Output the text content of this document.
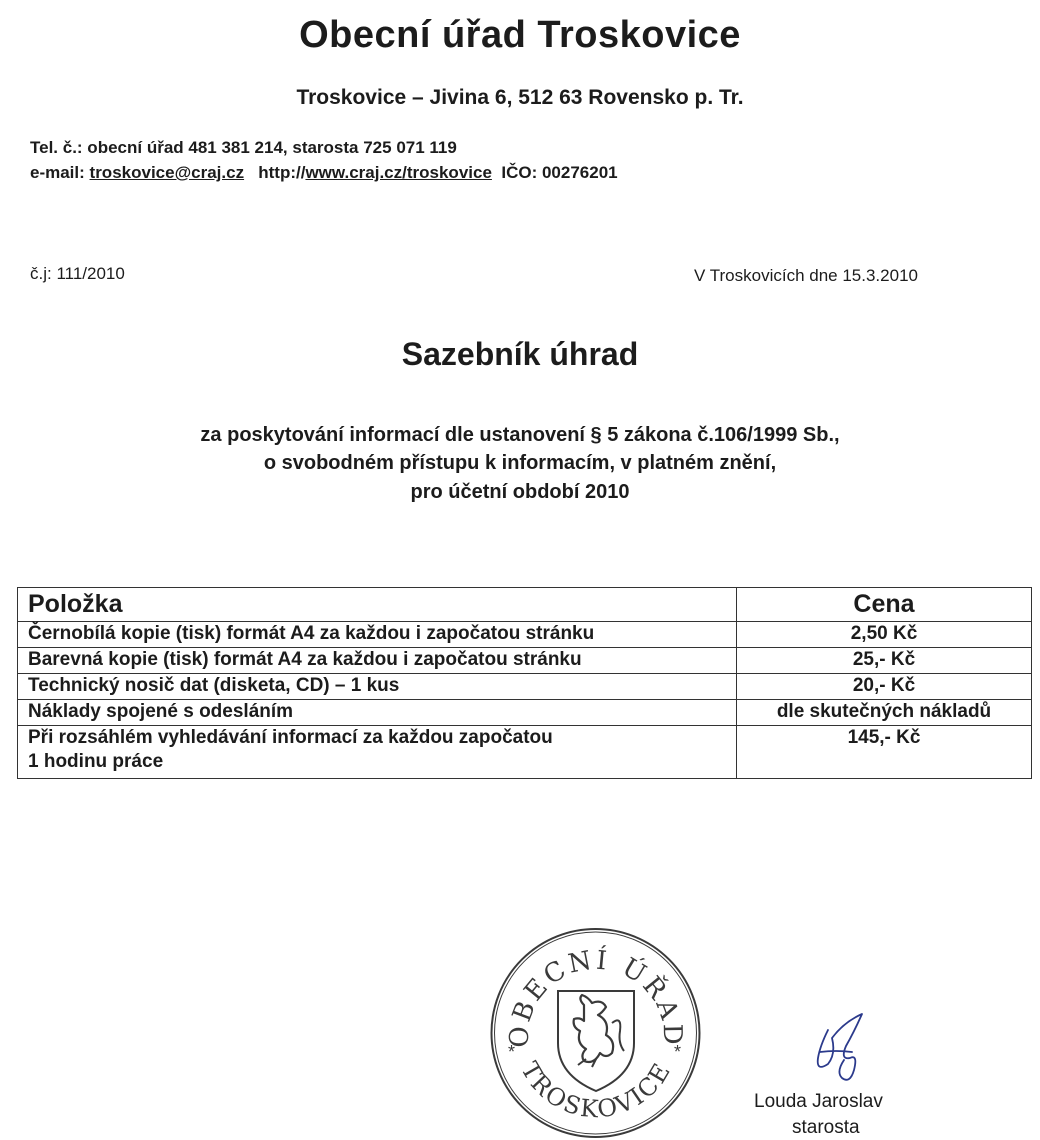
Obecní úřad Troskovice
Troskovice – Jivina 6, 512 63 Rovensko p. Tr.
Tel. č.: obecní úřad 481 381 214, starosta 725 071 119
e-mail: troskovice@craj.cz http://www.craj.cz/troskovice IČO: 00276201
č.j: 111/2010	V Troskovicích dne 15.3.2010
Sazebník úhrad
za poskytování informací dle ustanovení § 5 zákona č.106/1999 Sb.,
o svobodném přístupu k informacím, v platném znění,
pro účetní období 2010
Položka	Cena
Černobílá kopie (tisk) formát A4 za každou i započatou stránku	2,50 Kč
Barevná kopie (tisk) formát A4 za každou i započatou stránku	25,- Kč
Technický nosič dat (disketa, CD) – 1 kus	20,- Kč
Náklady spojené s odesláním	dle skutečných nákladů

Při rozsáhlém vyhledávání informací za každou započatou
1 hodinu práce	145,- Kč
OBECNÍ ÚŘAD
TROSKOVICE
*	*
Louda Jaroslav
starosta
